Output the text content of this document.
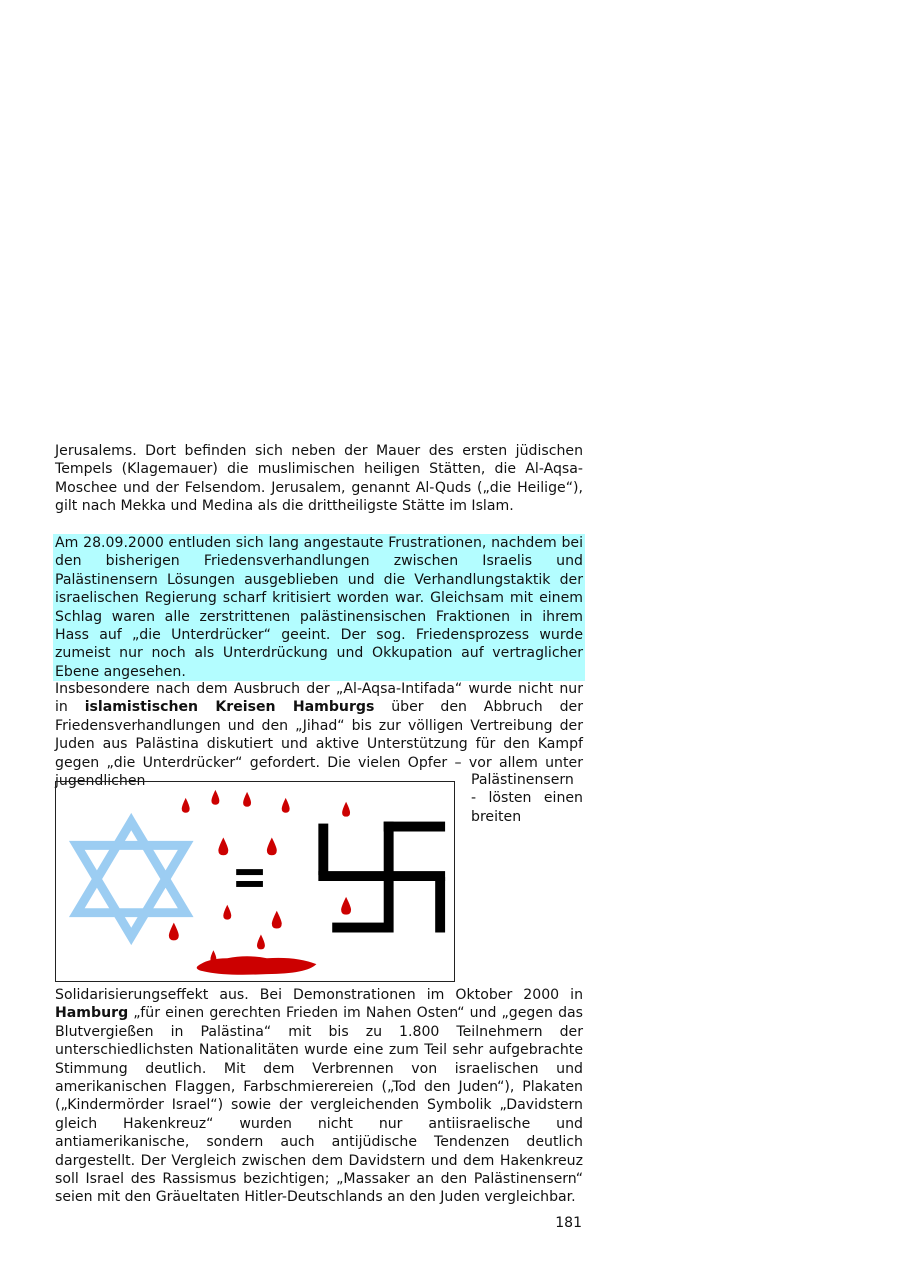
Jerusalems. Dort befinden sich neben der Mauer des ersten jüdischen Tempels (Klagemauer) die muslimischen heiligen Stätten, die Al-Aqsa-Moschee und der Felsendom. Jerusalem, genannt Al-Quds („die Heilige“), gilt nach Mekka und Medina als die drittheiligste Stätte im Islam.
Am 28.09.2000 entluden sich lang angestaute Frustrationen, nachdem bei den bisherigen Friedensverhandlungen zwischen Israelis und Palästinensern Lösungen ausgeblieben und die Verhandlungstaktik der israelischen Regierung scharf kritisiert worden war. Gleichsam mit einem Schlag waren alle zerstrittenen palästinensischen Fraktionen in ihrem Hass auf „die Unterdrücker“ geeint. Der sog. Friedensprozess wurde zumeist nur noch als Unterdrückung und Okkupation auf vertraglicher Ebene angesehen.
Insbesondere nach dem Ausbruch der „Al-Aqsa-Intifada“ wurde nicht nur in islamistischen Kreisen Hamburgs über den Abbruch der Friedensverhandlungen und den „Jihad“ bis zur völligen Vertreibung der Juden aus Palästina diskutiert und aktive Unterstützung für den Kampf gegen „die Unterdrücker“ gefordert. Die vielen Opfer – vor allem unter jugendlichen	Palästinensern - lösten einen breiten Solidarisierungseffekt aus. Bei Demonstrationen im Oktober 2000 in Hamburg „für einen gerechten Frieden im Nahen Osten“ und „gegen das Blutvergießen in Palästina“ mit bis zu 1.800 Teilnehmern der unterschiedlichsten Nationalitäten wurde eine zum Teil sehr aufgebrachte Stimmung deutlich. Mit dem Verbrennen von israelischen und amerikanischen Flaggen, Farbschmierereien („Tod den Juden“), Plakaten („Kindermörder Israel“) sowie der vergleichenden Symbolik „Davidstern gleich Hakenkreuz“ wurden nicht nur antiisraelische und antiamerikanische, sondern auch antijüdische Tendenzen deutlich dargestellt. Der Vergleich zwischen dem Davidstern und dem Hakenkreuz soll Israel des Rassismus bezichtigen; „Massaker an den Palästinensern“ seien mit den Gräueltaten Hitler-Deutschlands an den Juden vergleichbar.
181
